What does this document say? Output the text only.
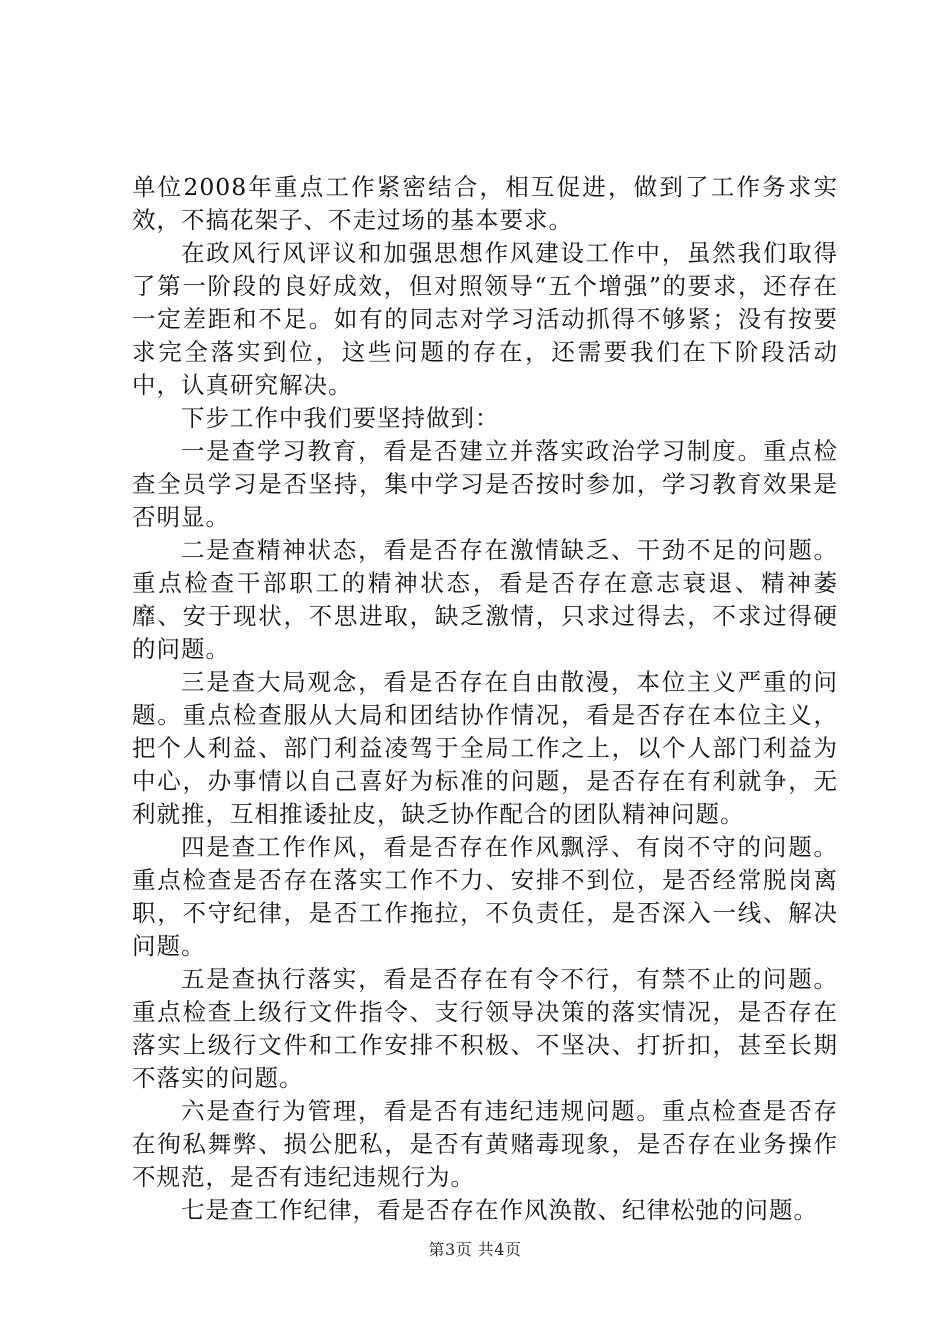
单位2008年重点工作紧密结合，相互促进，做到了工作务求实效，不搞花架子、不走过场的基本要求。

在政风行风评议和加强思想作风建设工作中，虽然我们取得了第一阶段的良好成效，但对照领导“五个增强”的要求，还存在一定差距和不足。如有的同志对学习活动抓得不够紧；没有按要求完全落实到位，这些问题的存在，还需要我们在下阶段活动中，认真研究解决。

下步工作中我们要坚持做到：

一是查学习教育，看是否建立并落实政治学习制度。重点检查全员学习是否坚持，集中学习是否按时参加，学习教育效果是否明显。

二是查精神状态，看是否存在激情缺乏、干劲不足的问题。重点检查干部职工的精神状态，看是否存在意志衰退、精神萎靡、安于现状，不思进取，缺乏激情，只求过得去，不求过得硬的问题。

三是查大局观念，看是否存在自由散漫，本位主义严重的问题。重点检查服从大局和团结协作情况，看是否存在本位主义，把个人利益、部门利益凌驾于全局工作之上，以个人部门利益为中心，办事情以自己喜好为标准的问题，是否存在有利就争，无利就推，互相推诿扯皮，缺乏协作配合的团队精神问题。

四是查工作作风，看是否存在作风飘浮、有岗不守的问题。重点检查是否存在落实工作不力、安排不到位，是否经常脱岗离职，不守纪律，是否工作拖拉，不负责任，是否深入一线、解决问题。

五是查执行落实，看是否存在有令不行，有禁不止的问题。重点检查上级行文件指令、支行领导决策的落实情况，是否存在落实上级行文件和工作安排不积极、不坚决、打折扣，甚至长期不落实的问题。

六是查行为管理，看是否有违纪违规问题。重点检查是否存在徇私舞弊、损公肥私，是否有黄赌毒现象，是否存在业务操作不规范，是否有违纪违规行为。

七是查工作纪律，看是否存在作风涣散、纪律松弛的问题。

第3页 共4页
